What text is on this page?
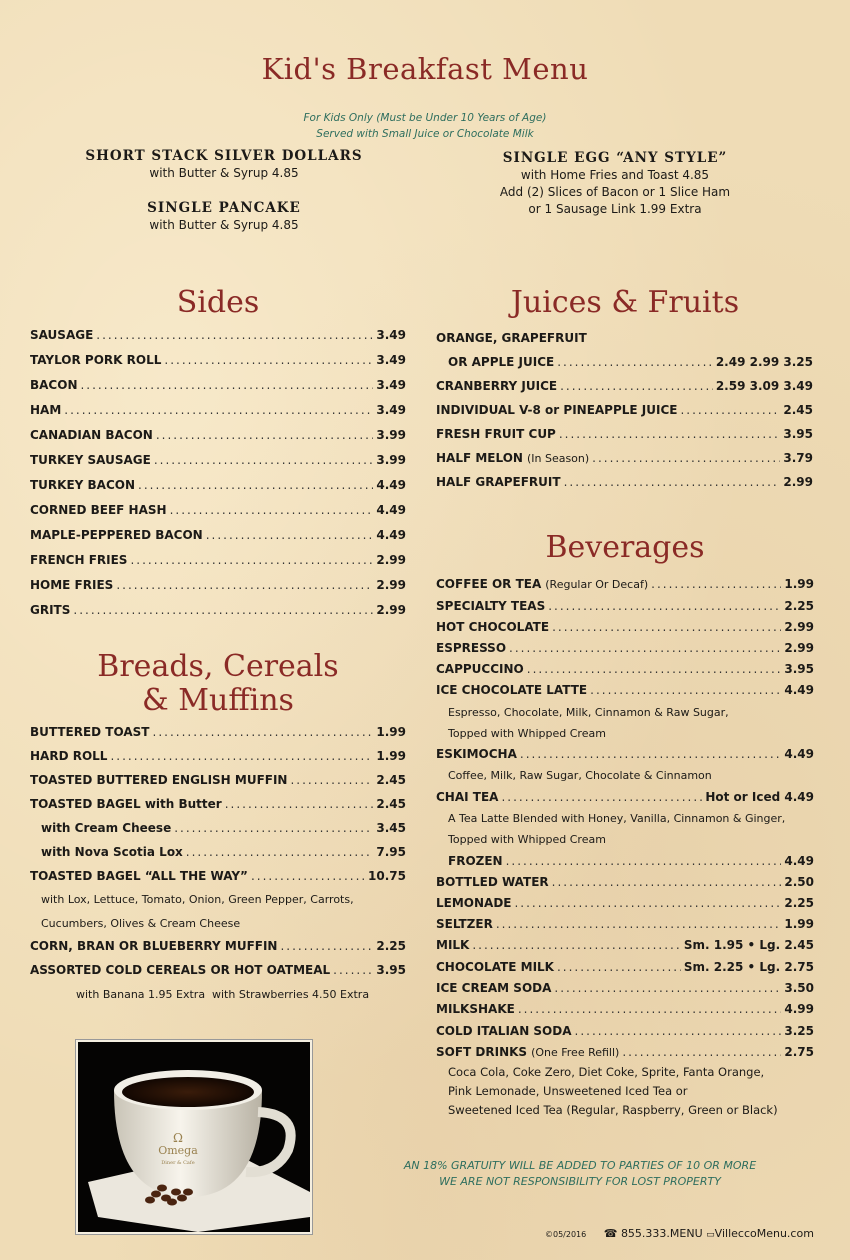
Kid's Breakfast Menu
For Kids Only (Must be Under 10 Years of Age)
Served with Small Juice or Chocolate Milk
SHORT STACK SILVER DOLLARS
with Butter & Syrup 4.85
SINGLE PANCAKE
with Butter & Syrup 4.85
SINGLE EGG “ANY STYLE”
with Home Fries and Toast 4.85
Add (2) Slices of Bacon or 1 Slice Ham
or 1 Sausage Link 1.99 Extra
Sides	Juices & Fruits
Breads, Cereals
& Muffins
Beverages
SAUSAGE .....	3.49
TAYLOR PORK ROLL .....	3.49
BACON .....	3.49
HAM .....	3.49
CANADIAN BACON .....	3.99
TURKEY SAUSAGE .....	3.99
TURKEY BACON .....	4.49
CORNED BEEF HASH .....	4.49
MAPLE-PEPPERED BACON .....	4.49
FRENCH FRIES .....	2.99
HOME FRIES .....	2.99
GRITS .....	2.99
BUTTERED TOAST .....	1.99
HARD ROLL .....	1.99
TOASTED BUTTERED ENGLISH MUFFIN .....	2.45
TOASTED BAGEL with Butter .....	2.45
with Cream Cheese .....	3.45
with Nova Scotia Lox .....	7.95
TOASTED BAGEL “ALL THE WAY” .....	10.75
CORN, BRAN OR BLUEBERRY MUFFIN .....	2.25
ASSORTED COLD CEREALS OR HOT OATMEAL .....	3.95
ORANGE, GRAPEFRUIT
OR APPLE JUICE .....	2.49 2.99 3.25
CRANBERRY JUICE .....	2.59 3.09 3.49
INDIVIDUAL V-8 or PINEAPPLE JUICE .....	2.45
FRESH FRUIT CUP .....	3.95
HALF MELON (In Season) .....	3.79
HALF GRAPEFRUIT .....	2.99
COFFEE OR TEA (Regular Or Decaf) .....	1.99
SPECIALTY TEAS .....	2.25
HOT CHOCOLATE .....	2.99
ESPRESSO .....	2.99
CAPPUCCINO .....	3.95
ICE CHOCOLATE LATTE .....	4.49
ESKIMOCHA .....	4.49
CHAI TEA .....	Hot or Iced 4.49
FROZEN .....	4.49
BOTTLED WATER .....	2.50
LEMONADE .....	2.25
SELTZER .....	1.99
MILK .....	Sm. 1.95 • Lg. 2.45
CHOCOLATE MILK .....	Sm. 2.25 • Lg. 2.75
ICE CREAM SODA .....	3.50
MILKSHAKE .....	4.99
COLD ITALIAN SODA .....	3.25
SOFT DRINKS (One Free Refill) .....	2.75
with Lox, Lettuce, Tomato, Onion, Green Pepper, Carrots,
Cucumbers, Olives & Cream Cheese
with Banana 1.95 Extra with Strawberries 4.50 Extra
Espresso, Chocolate, Milk, Cinnamon & Raw Sugar,
Topped with Whipped Cream
Coffee, Milk, Raw Sugar, Chocolate & Cinnamon
A Tea Latte Blended with Honey, Vanilla, Cinnamon & Ginger,
Topped with Whipped Cream
Coca Cola, Coke Zero, Diet Coke, Sprite, Fanta Orange,
Pink Lemonade, Unsweetened Iced Tea or
Sweetened Iced Tea (Regular, Raspberry, Green or Black)
Ω
Omega
Diner & Cafe	AN 18% GRATUITY WILL BE ADDED TO PARTIES OF 10 OR MORE
WE ARE NOT RESPONSIBILITY FOR LOST PROPERTY
©05/2016 ☎ 855.333.MENU ▭VilleccoMenu.com
